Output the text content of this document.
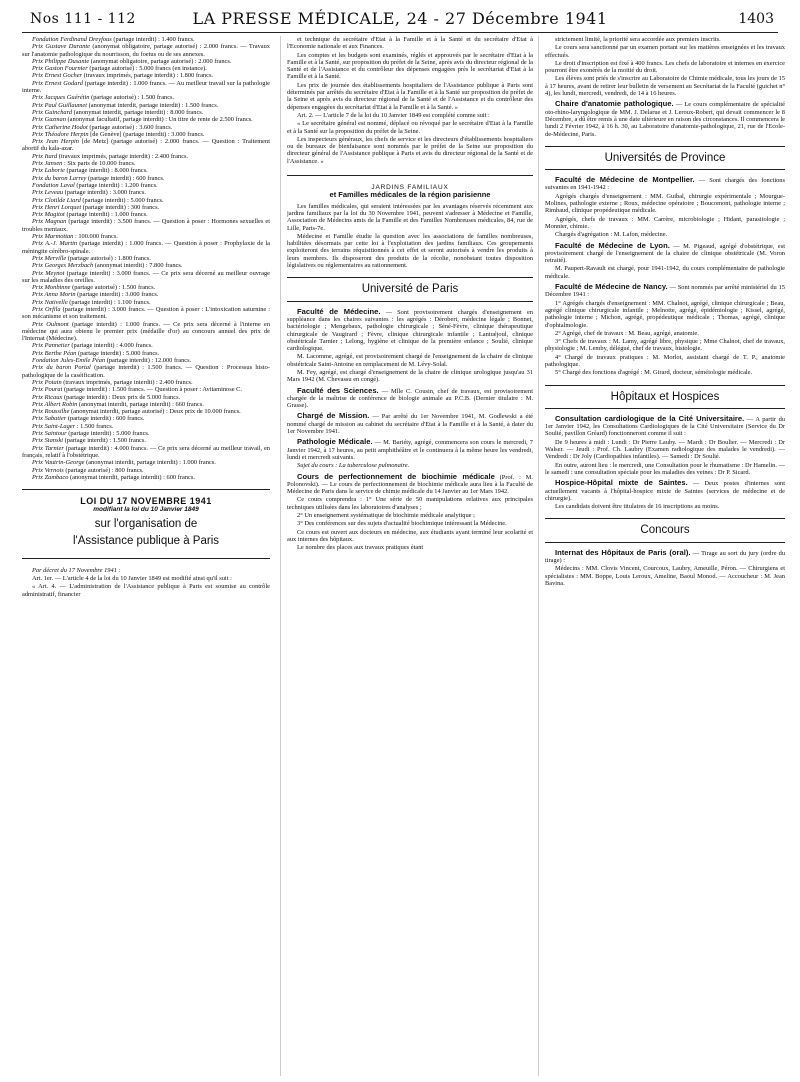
Nos 111 - 112	LA PRESSE MÉDICALE, 24 - 27 Décembre 1941	1403

Fondation Ferdinand Dreyfous (partage interdit) : 1.400 francs.

Prix Gustave Durante (anonymat obligatoire, partage autorisé) : 2.000 francs. — Travaux sur l'anatomie pathologique du nourrisson, du foetus ou de ses annexes.

Prix Philippe Dusante (anonymat obligatoire, partage autorisé) : 2.000 francs.

Prix Gaston Fournier (partage autorisé) : 5.000 francs (en instance).

Prix Ernest Gocher (travaux imprimés, partage interdit) : 1.800 francs.

Prix Ernest Godard (partage interdit) : 1.000 francs. — Au meilleur travail sur la pathologie interne.

Prix Jacques Guérétin (partage autorisé) : 1.500 francs.

Prix Paul Guillaumet (anonymat interdit, partage interdit) : 1.500 francs.

Prix Guinchard (anonymat interdit, partage interdit) : 8.000 francs.

Prix Guzman (anonymat facultatif, partage interdit) : Un titre de rente de 2.500 francs.

Prix Catherine Hodot (partage autorisé) : 3.600 francs.

Prix Théodore Herpin [de Genève] (partage interdit) : 3.000 francs.

Prix Jean Herpin [de Metz] (partage autorisé) : 2.000 francs. — Question : Traitement abortif du kala-azar.

Prix Itard (travaux imprimés, partage interdit) : 2.400 francs.

Prix Jansen : Six parts de 10.000 francs.

Prix Laborie (partage interdit) : 8.000 francs.

Prix du baron Larrey (partage interdit) : 600 francs.

Fondation Laval (partage interdit) : 1.200 francs.

Prix Leveau (partage interdit) : 3.000 francs.

Prix Clotilde Liard (partage interdit) : 5.000 francs.

Prix Henri Lorquet (partage interdit) : 300 francs.

Prix Magitot (partage interdit) : 1.000 francs.

Prix Magnan (partage interdit) : 3.500 francs. — Question à poser : Hormones sexuelles et troubles mentaux.

Prix Marmottan : 100.000 francs.

Prix A.-J. Martin (partage interdit) : 1.000 francs. — Question à poser : Prophylaxie de la méningite cérébro-spinale.

Prix Merville (partage autorisé) : 1.800 francs.

Prix Georges Merzbach (anonymat interdit) : 7.800 francs.

Prix Meynot (partage interdit) : 3.000 francs. — Ce prix sera décerné au meilleur ouvrage sur les maladies des oreilles.

Prix Monbinne (partage autorisé) : 1.500 francs.

Prix Anna Morin (partage interdit) : 3.000 francs.

Prix Nativelle (partage interdit) : 1.100 francs.

Prix Orfila (partage interdit) : 3.000 francs. — Question à poser : L'intoxication saturnine : son mécanisme et son traitement.

Prix Oulmont (partage interdit) : 1.000 francs. — Ce prix sera décerné à l'interne en médecine qui aura obtenu le premier prix (médaille d'or) au concours annuel des prix de l'Internat (Médecine).

Prix Pannetier (partage interdit) : 4.000 francs.

Prix Berthe Péan (partage interdit) : 5.000 francs.

Fondation Jules-Emile Péan (partage interdit) : 12.000 francs.

Prix du baron Portal (partage interdit) : 1.500 francs. — Question : Processus histo-pathologique de la caséification.

Prix Potain (travaux imprimés, partage interdit) : 2.400 francs.

Prix Pourat (partage interdit) : 1.500 francs. — Question à poser : Avitaminose C.

Prix Ricaux (partage interdit) : Deux prix de 5.000 francs.

Prix Albert Robin (anonymat interdit, partage interdit) : 660 francs.

Prix Roussilhe (anonymat interdit, partage autorisé) : Deux prix de 10.000 francs.

Prix Sabatier (partage interdit) : 600 francs.

Prix Saint-Lager : 1.500 francs.

Prix Saintour (partage interdit) : 5.000 francs.

Prix Stanski (partage interdit) : 1.500 francs.

Prix Tarnier (partage interdit) : 4.000 francs. — Ce prix sera décerné au meilleur travail, en français, relatif à l'obstétrique.

Prix Vautrin-George (anonymat interdit, partage interdit) : 1.000 francs.

Prix Vernois (partage autorisé) : 800 francs.

Prix Zambaco (anonymat interdit, partage interdit) : 600 francs.

LOI DU 17 NOVEMBRE 1941
modifiant la loi du 10 Janvier 1849
sur l'organisation de
l'Assistance publique à Paris

Par décret du 17 Novembre 1941 :

Art. 1er. — L'article 4 de la loi du 10 Janvier 1849 est modifié ainsi qu'il suit :

« Art. 4. — L'administration de l'Assistance publique à Paris est soumise au contrôle administratif, financier

et technique du secrétaire d'Etat à la Famille et à la Santé et du secrétaire d'Etat à l'Economie nationale et aux Finances.

Les comptes et les budgets sont examinés, réglés et approuvés par le secrétaire d'Etat à la Famille et à la Santé, sur proposition du préfet de la Seine, après avis du directeur régional de la Santé et de l'Assistance et du contrôleur des dépenses engagées près le secrétariat d'Etat à la Famille et à la Santé.

Les prix de journée des établissements hospitaliers de l'Assistance publique à Paris sont déterminés par arrêtés du secrétaire d'Etat à la Famille et à la Santé sur proposition du préfet de la Seine et après avis du directeur régional de la Santé et de l'Assistance et du contrôleur des dépenses engagées du secrétariat d'Etat à la Famille et à la Santé. »

Art. 2. — L'article 7 de la loi du 10 Janvier 1849 est complété comme suit :

« Le secrétaire général est nommé, déplacé ou révoqué par le secrétaire d'Etat à la Famille et à la Santé sur la proposition du préfet de la Seine.

Les inspecteurs généraux, les chefs de service et les directeurs d'établissements hospitaliers ou de bureaux de bienfaisance sont nommés par le préfet de la Seine sur proposition du directeur général de l'Assistance publique à Paris et avis du directeur régional de la Santé et de l'Assistance. »

JARDINS FAMILIAUX
et Familles médicales de la région parisienne

Les familles médicales, qui seraient intéressées par les avantages réservés récemment aux jardins familiaux par la loi du 30 Novembre 1941, peuvent s'adresser à Médecine et Famille, Association de Médecins amis de la Famille et des Familles Nombreuses médicales, 84, rue de Lille, Paris-7e.

Médecine et Famille étudie la question avec les associations de familles nombreuses, habilitées désormais par cette loi à l'exploitation des jardins familiaux. Ces groupements exploiteront des terrains réquisitionnés à cet effet et seront autorisés à vendre les produits à leurs membres. Ils disposeront des produits de la récolte, nonobstant toutes disposition législatives ou réglementaires au rationnement.

Université de Paris

Faculté de Médecine. — Sont provisoirement chargés d'enseignement en suppléance dans les chaires suivantes : les agrégés : Dérobert, médecine légale ; Bonnet, bactériologie ; Mengebaux, pathologie chirurgicale ; Séné-Fèvre, clinique thérapeutique chirurgicale de Vaugirard ; Fèvre, clinique chirurgicale infantile ; Lantuéjoul, clinique obstétricale Tarnier ; Lelong, hygiène et clinique de la première enfance ; Soulié, clinique cardiologique.

M. Lacomme, agrégé, est provisoirement chargé de l'enseignement de la chaire de clinique obstétricale Saint-Antoine en remplacement de M. Lévy-Solal.

M. Fey, agrégé, est chargé d'enseignement de la chaire de clinique urologique jusqu'au 31 Mars 1942 (M. Chevassu en congé).

Faculté des Sciences. — Mlle C. Cousin, chef de travaux, est provisoirement chargée de la maîtrise de conférence de biologie animale au P.C.B. (Dernier titulaire : M. Grasse).

Chargé de Mission. — Par arrêté du 1er Novembre 1941, M. Godlewski a été nommé chargé de mission au cabinet du secrétaire d'Etat à la Famille et à la Santé, à dater du 1er Novembre 1941.

Pathologie Médicale. — M. Bariéty, agrégé, commencera son cours le mercredi, 7 Janvier 1942, à 17 heures, au petit amphithéâtre et le continuera à la même heure les vendredi, lundi et mercredi suivants.

Sujet du cours : La tuberculose pulmonaire.

Cours de perfectionnement de biochimie médicale (Prof. : M. Polonovski). — Le cours de perfectionnement de biochimie médicale aura lieu à la Faculté de Médecine de Paris dans le service de chimie médicale du 14 Janvier au 1er Mars 1942.

Ce cours comprendra : 1° Une série de 50 manipulations relatives aux principales techniques utilisées dans les laboratoires d'analyses ;

2° Un enseignement systématique de biochimie médicale analytique ;

3° Des conférences sur des sujets d'actualité biochimique intéressant la Médecine.

Ce cours est ouvert aux docteurs en médecine, aux étudiants ayant terminé leur scolarité et aux internes des hôpitaux.

Le nombre des places aux travaux pratiques étant

strictement limité, la priorité sera accordée aux premiers inscrits.

Le cours sera sanctionné par un examen portant sur les matières enseignées et les travaux effectués.

Le droit d'inscription est fixé à 400 francs. Les chefs de laboratoire et internes en exercice pourront être exonérés de la moitié du droit.

Les élèves sont priés de s'inscrire au Laboratoire de Chimie médicale, tous les jours de 15 à 17 heures, avant de retirer leur bulletin de versement au Secrétariat de la Faculté (guichet n° 4), les lundi, mercredi, vendredi, de 14 à 16 heures.

Chaire d'anatomie pathologique. — Le cours complémentaire de spécialité oto-rhino-laryngologique de MM. J. Delarue et J. Leroux-Robert, qui devait commencer le 8 Décembre, a dû être remis à une date ultérieure en raison des circonstances. Il commencera le lundi 2 Février 1942, à 16 h. 30, au Laboratoire d'anatomie-pathologique, 21, rue de l'Ecole-de-Médecine, Paris.

Universités de Province

Faculté de Médecine de Montpellier. — Sont chargés des fonctions suivantes en 1941-1942 :

Agrégés chargés d'enseignement : MM. Guibal, chirurgie expérimentale ; Mourgue-Molines, pathologie externe ; Roux, médecine opératoire ; Boucomont, pathologie interne ; Rimbaud, clinique propédeutique médicale.

Agrégés, chefs de travaux : MM. Carrère, microbiologie ; Hidant, parasitologie ; Monnier, chimie.

Chargés d'agrégation : M. Lafon, médecine.

Faculté de Médecine de Lyon. — M. Pigeaud, agrégé d'obstétrique, est provisoirement chargé de l'enseignement de la chaire de clinique obstétricale (M. Voron retraité).

M. Paupert-Ravault est chargé, pour 1941-1942, du cours complémentaire de pathologie médicale.

Faculté de Médecine de Nancy. — Sont nommés par arrêté ministériel du 15 Décembre 1941 :

1° Agrégés chargés d'enseignement : MM. Chalnot, agrégé, clinique chirurgicale ; Beau, agrégé clinique chirurgicale infantile ; Melnotte, agrégé, épidémiologie ; Kissel, agrégé, pathologie interne ; Michon, agrégé, propédeutique médicale ; Thomas, agrégé, clinique d'ophtalmologie.

2° Agrégé, chef de travaux : M. Beau, agrégé, anatomie.

3° Chefs de travaux : M. Lamy, agrégé libre, physique ; Mme Chalnot, chef de travaux, physiologie ; M. Lemby, délégué, chef de travaux, histologie.

4° Chargé de travaux pratiques : M. Morlot, assistant chargé de T. P., anatomie pathologique.

5° Chargé des fonctions d'agrégé : M. Girard, docteur, séméiologie médicale.

Hôpitaux et Hospices

Consultation cardiologique de la Cité Universitaire. — A partir du 1er Janvier 1942, les Consultations Cardiologiques de la Cité Universitaire (Service du Dr Soulié, pavillon Gréard) fonctionneront comme il suit :

De 9 heures à midi : Lundi : Dr Pierre Lauby. — Mardi : Dr Boulier. — Mercredi : Dr Walser. — Jeudi : Prof. Ch. Laubry (Examen radiologique des malades le vendredi). — Vendredi : Dr Joly (Cardiopathies infantiles). — Samedi : Dr Soulié.

En outre, auront lieu : le mercredi, une Consultation pour le rhumatisme : Dr Hamelin. — le samedi : une consultation spéciale pour les maladies des veines : Dr P. Sicard.

Hospice-Hôpital mixte de Saintes. — Deux postes d'internes sont actuellement vacants à l'hôpital-hospice mixte de Saintes (services de médecine et de chirurgie).

Les candidats doivent être titulaires de 16 inscriptions au moins.

Concours

Internat des Hôpitaux de Paris (oral). — Tirage au sort du jury (ordre du tirage) :

Médecins : MM. Clovis Vincent, Courcoux, Laubry, Ameuille, Péron. — Chirurgiens et spécialistes : MM. Boppe, Louis Leroux, Ameline, Baoul Monod. — Accoucheur : M. Jean Bavina.
